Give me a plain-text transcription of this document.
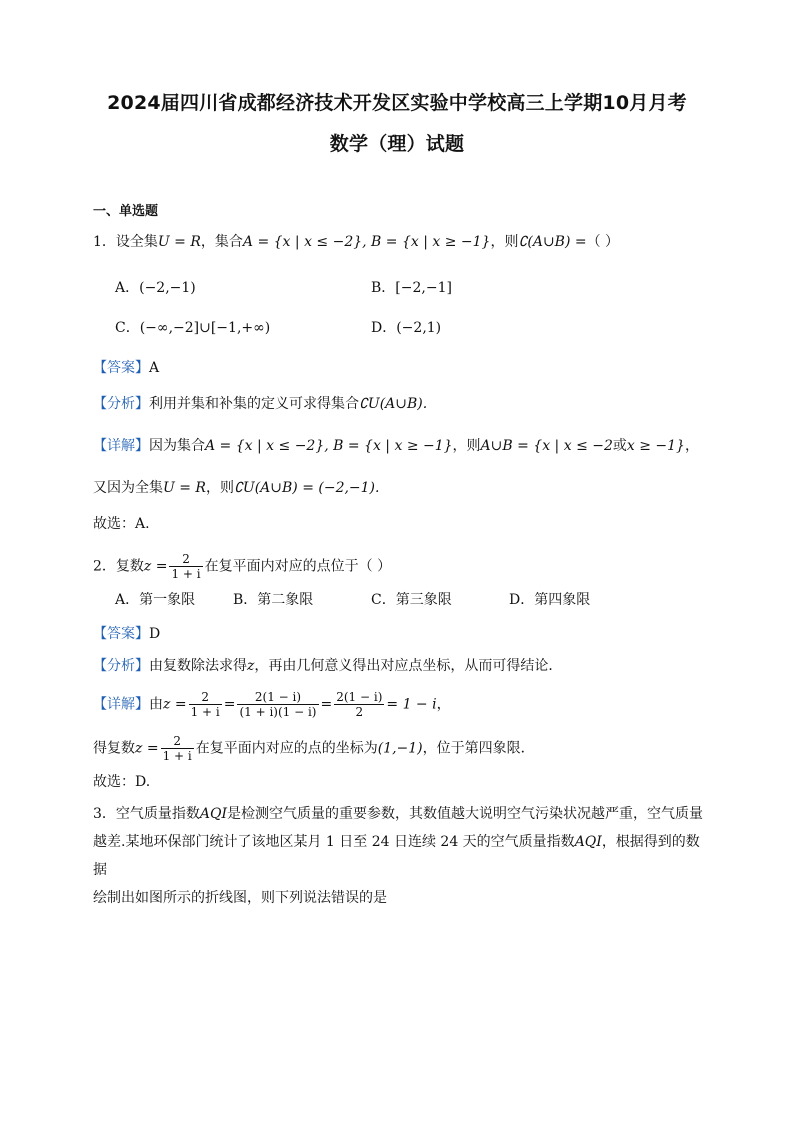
2024届四川省成都经济技术开发区实验中学校高三上学期10月月考
数学（理）试题
一、单选题
1．设全集U = R，集合A = {x | x ≤ −2}, B = {x | x ≥ −1}，则∁(A∪B) =（ ）
A．(−2,−1)	B．[−2,−1]
C．(−∞,−2]∪[−1,+∞)	D．(−2,1)
【答案】A
【分析】利用并集和补集的定义可求得集合∁U(A∪B).
【详解】因为集合A = {x | x ≤ −2}, B = {x | x ≥ −1}，则A∪B = {x | x ≤ −2或x ≥ −1}，
又因为全集U = R，则∁U(A∪B) = (−2,−1).
故选：A.
2．复数$z = \frac{2}{1 + i}$ 在复平面内对应的点位于（ ）
A．第一象限	B．第二象限	C．第三象限	D．第四象限
【答案】D
【分析】由复数除法求得z，再由几何意义得出对应点坐标，从而可得结论．
【详解】由$z = \frac{2}{1 + i} = \frac{2(1 - i)}{(1 + i)(1 - i)} = \frac{2(1 - i)}{2} = 1 - i$，
得复数$z = \frac{2}{1 + i}$ 在复平面内对应的点的坐标为(1,−1)，位于第四象限．
故选：D.
3．空气质量指数AQI是检测空气质量的重要参数，其数值越大说明空气污染状况越严重，空气质量
越差.某地环保部门统计了该地区某月 1 日至 24 日连续 24 天的空气质量指数AQI，根据得到的数据
绘制出如图所示的折线图，则下列说法错误的是
